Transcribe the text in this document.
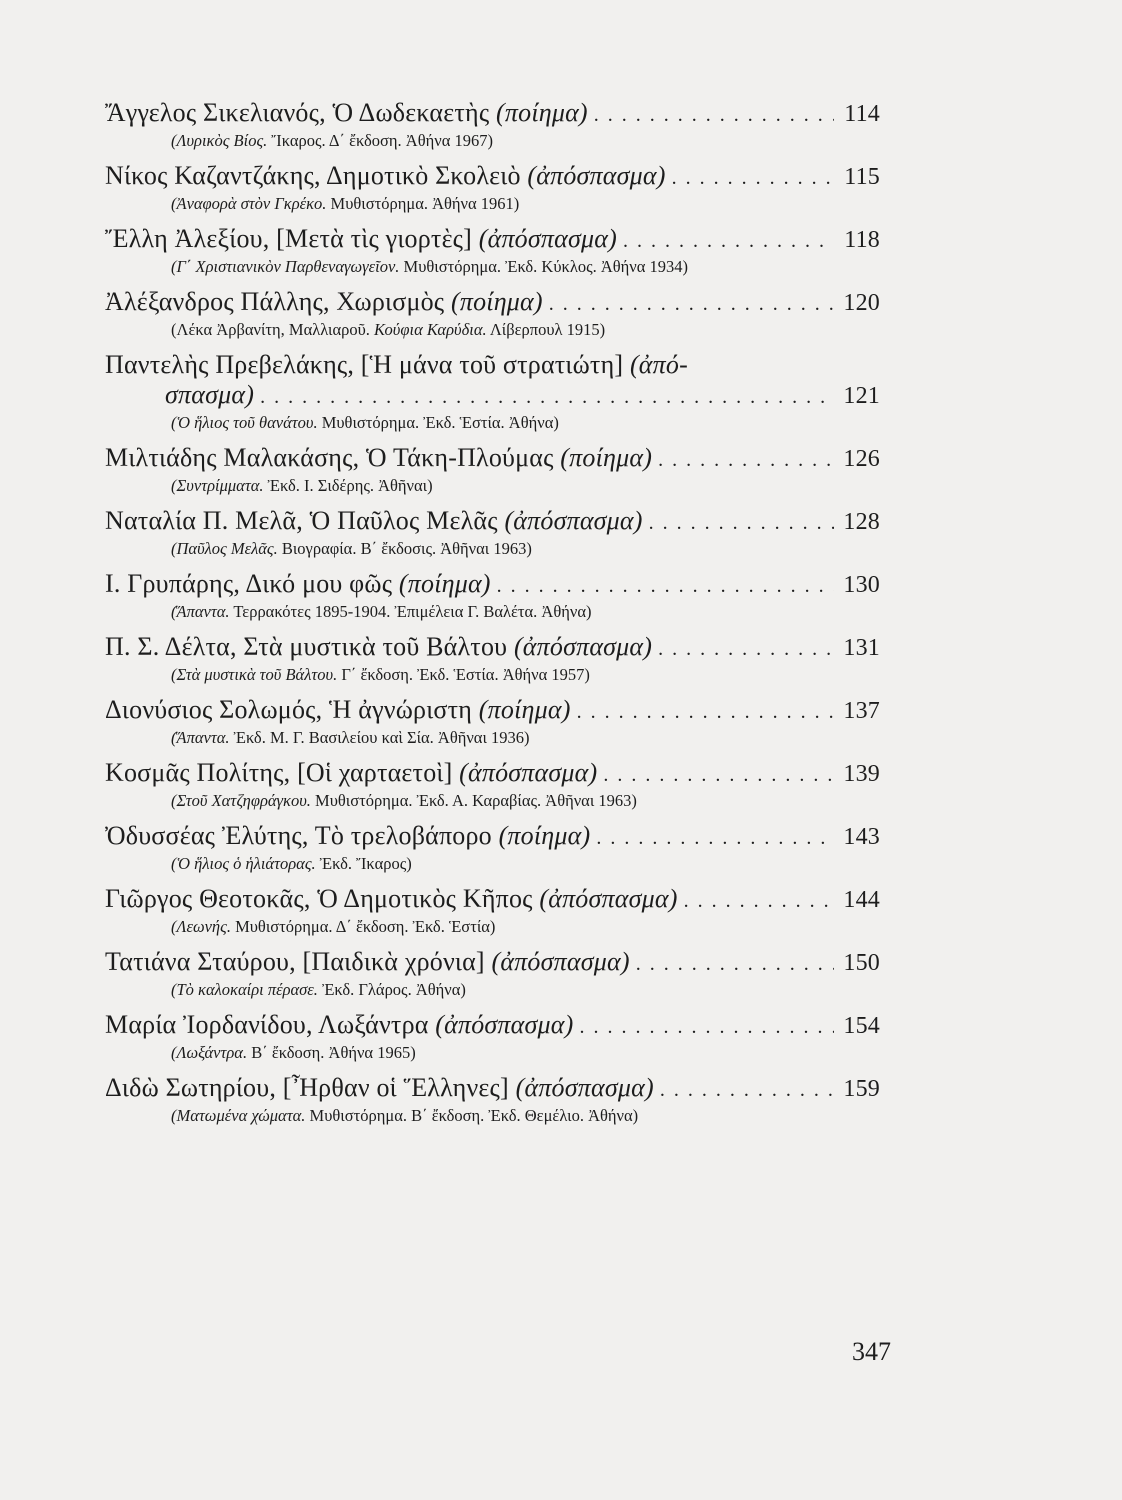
Ἄγγελος Σικελιανός, Ὁ Δωδεκαετὴς (ποίημα) . . .	114
(Λυρικὸς Βίος. Ἴκαρος. Δ΄ ἔκδοση. Ἀθήνα 1967)
Νίκος Καζαντζάκης, Δημοτικὸ Σκολειὸ (ἀπόσπασμα) . . .	115
(Ἀναφορὰ στὸν Γκρέκο. Μυθιστόρημα. Ἀθήνα 1961)
Ἔλλη Ἀλεξίου, [Μετὰ τὶς γιορτὲς] (ἀπόσπασμα) . . .	118
(Γ΄ Χριστιανικὸν Παρθεναγωγεῖον. Μυθιστόρημα. Ἐκδ. Κύκλος. Ἀθήνα 1934)
Ἀλέξανδρος Πάλλης, Χωρισμὸς (ποίημα) . . .	120
(Λέκα Ἀρβανίτη, Μαλλιαροῦ. Κούφια Καρύδια. Λίβερπουλ 1915)
Παντελὴς Πρεβελάκης, [Ἡ μάνα τοῦ στρατιώτη] (ἀπό-
σπασμα) . . .	121
(Ὁ ἥλιος τοῦ θανάτου. Μυθιστόρημα. Ἐκδ. Ἑστία. Ἀθήνα)
Μιλτιάδης Μαλακάσης, Ὁ Τάκη-Πλούμας (ποίημα) . . .	126
(Συντρίμματα. Ἐκδ. Ι. Σιδέρης. Ἀθῆναι)
Ναταλία Π. Μελᾶ, Ὁ Παῦλος Μελᾶς (ἀπόσπασμα) . . .	128
(Παῦλος Μελᾶς. Βιογραφία. Β΄ ἔκδοσις. Ἀθῆναι 1963)
Ι. Γρυπάρης, Δικό μου φῶς (ποίημα) . . .	130
(Ἅπαντα. Τερρακότες 1895-1904. Ἐπιμέλεια Γ. Βαλέτα. Ἀθήνα)
Π. Σ. Δέλτα, Στὰ μυστικὰ τοῦ Βάλτου (ἀπόσπασμα) . . .	131
(Στὰ μυστικὰ τοῦ Βάλτου. Γ΄ ἔκδοση. Ἐκδ. Ἑστία. Ἀθήνα 1957)
Διονύσιος Σολωμός, Ἡ ἀγνώριστη (ποίημα) . . .	137
(Ἅπαντα. Ἐκδ. Μ. Γ. Βασιλείου καὶ Σία. Ἀθῆναι 1936)
Κοσμᾶς Πολίτης, [Οἱ χαρταετοὶ] (ἀπόσπασμα) . . .	139
(Στοῦ Χατζηφράγκου. Μυθιστόρημα. Ἐκδ. Α. Καραβίας. Ἀθῆναι 1963)
Ὀδυσσέας Ἐλύτης, Τὸ τρελοβάπορο (ποίημα) . . .	143
(Ὁ ἥλιος ὁ ἡλιάτορας. Ἐκδ. Ἴκαρος)
Γιῶργος Θεοτοκᾶς, Ὁ Δημοτικὸς Κῆπος (ἀπόσπασμα) . . .	144
(Λεωνής. Μυθιστόρημα. Δ΄ ἔκδοση. Ἐκδ. Ἑστία)
Τατιάνα Σταύρου, [Παιδικὰ χρόνια] (ἀπόσπασμα) . . .	150
(Τὸ καλοκαίρι πέρασε. Ἐκδ. Γλάρος. Ἀθήνα)
Μαρία Ἰορδανίδου, Λωξάντρα (ἀπόσπασμα) . . .	154
(Λωξάντρα. Β΄ ἔκδοση. Ἀθήνα 1965)
Διδὼ Σωτηρίου, [Ἦρθαν οἱ Ἕλληνες] (ἀπόσπασμα) . . .	159
(Ματωμένα χώματα. Μυθιστόρημα. Β΄ ἔκδοση. Ἐκδ. Θεμέλιο. Ἀθήνα)
347
